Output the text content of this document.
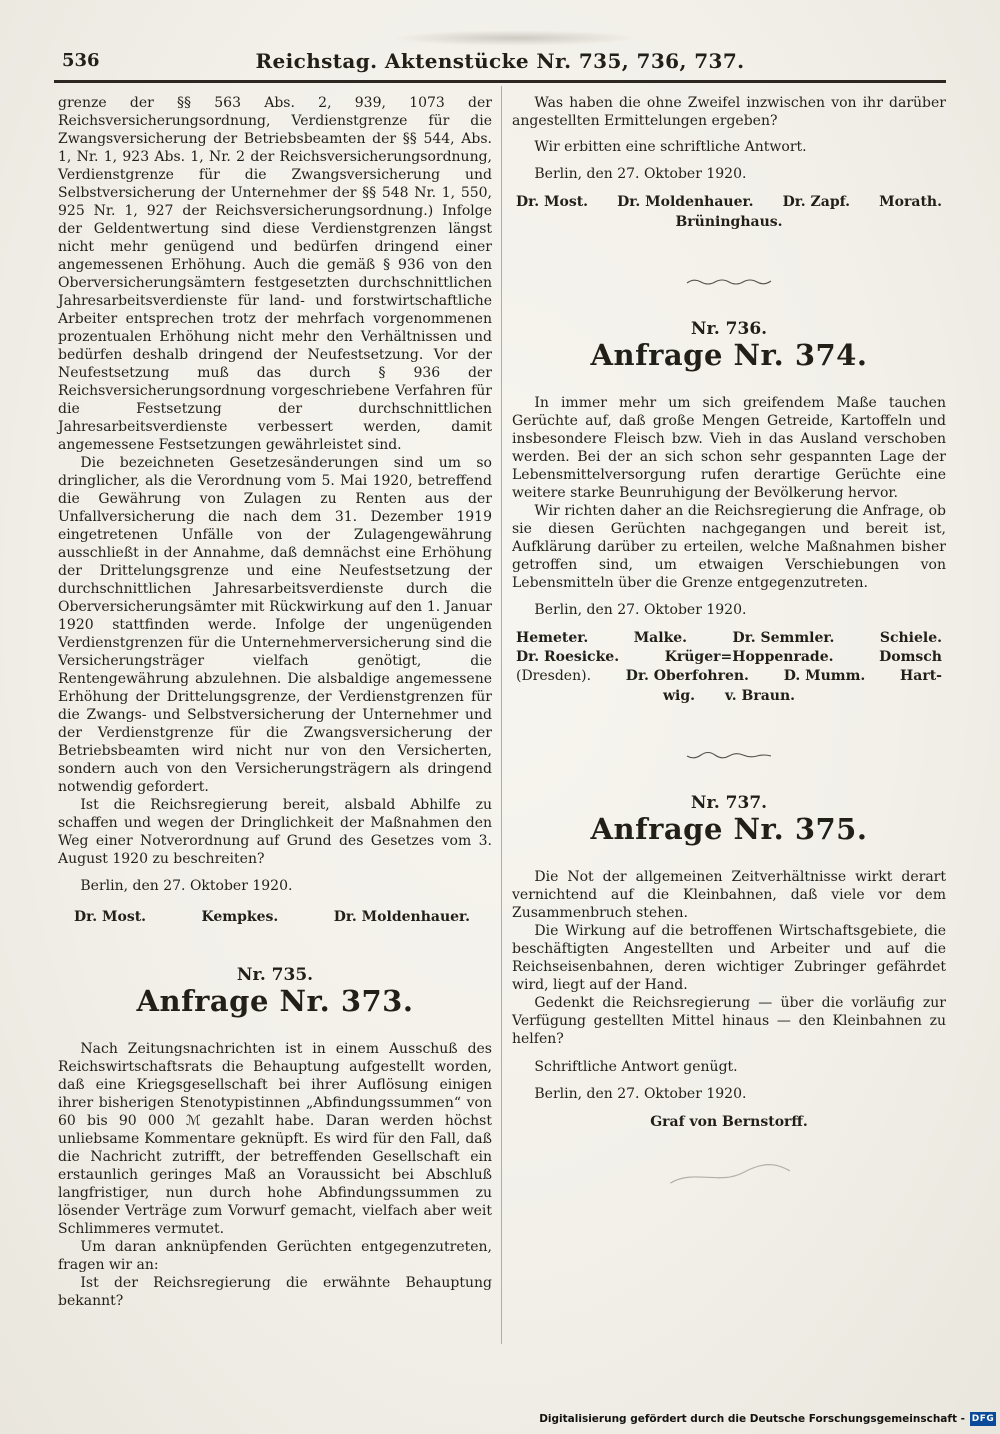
536	Reichstag. Aktenstücke Nr. 735, 736, 737.

grenze der §§ 563 Abs. 2, 939, 1073 der Reichsversicherungsordnung, Verdienstgrenze für die Zwangsversicherung der Betriebsbeamten der §§ 544, Abs. 1, Nr. 1, 923 Abs. 1, Nr. 2 der Reichsversicherungsordnung, Verdienstgrenze für die Zwangsversicherung und Selbstversicherung der Unternehmer der §§ 548 Nr. 1, 550, 925 Nr. 1, 927 der Reichsversicherungsordnung.) Infolge der Geldentwertung sind diese Verdienstgrenzen längst nicht mehr genügend und bedürfen dringend einer angemessenen Erhöhung. Auch die gemäß § 936 von den Oberversicherungsämtern festgesetzten durchschnittlichen Jahresarbeitsverdienste für land- und forstwirtschaftliche Arbeiter entsprechen trotz der mehrfach vorgenommenen prozentualen Erhöhung nicht mehr den Verhältnissen und bedürfen deshalb dringend der Neufestsetzung. Vor der Neufestsetzung muß das durch § 936 der Reichsversicherungsordnung vorgeschriebene Verfahren für die Festsetzung der durchschnittlichen Jahresarbeitsverdienste verbessert werden, damit angemessene Festsetzungen gewährleistet sind.

Die bezeichneten Gesetzesänderungen sind um so dringlicher, als die Verordnung vom 5. Mai 1920, betreffend die Gewährung von Zulagen zu Renten aus der Unfallversicherung die nach dem 31. Dezember 1919 eingetretenen Unfälle von der Zulagengewährung ausschließt in der Annahme, daß demnächst eine Erhöhung der Drittelungsgrenze und eine Neufestsetzung der durchschnittlichen Jahresarbeitsverdienste durch die Oberversicherungsämter mit Rückwirkung auf den 1. Januar 1920 stattfinden werde. Infolge der ungenügenden Verdienstgrenzen für die Unternehmerversicherung sind die Versicherungsträger vielfach genötigt, die Rentengewährung abzulehnen. Die alsbaldige angemessene Erhöhung der Drittelungsgrenze, der Verdienstgrenzen für die Zwangs- und Selbstversicherung der Unternehmer und der Verdienstgrenze für die Zwangsversicherung der Betriebsbeamten wird nicht nur von den Versicherten, sondern auch von den Versicherungsträgern als dringend notwendig gefordert.

Ist die Reichsregierung bereit, alsbald Abhilfe zu schaffen und wegen der Dringlichkeit der Maßnahmen den Weg einer Notverordnung auf Grund des Gesetzes vom 3. August 1920 zu beschreiten?

Berlin, den 27. Oktober 1920.

Dr. Most.	Kempkes.	Dr. Moldenhauer.
Nr. 735.
Anfrage Nr. 373.

Nach Zeitungsnachrichten ist in einem Ausschuß des Reichswirtschaftsrats die Behauptung aufgestellt worden, daß eine Kriegsgesellschaft bei ihrer Auflösung einigen ihrer bisherigen Stenotypistinnen „Abfindungssummen“ von 60 bis 90 000 ℳ gezahlt habe. Daran werden höchst unliebsame Kommentare geknüpft. Es wird für den Fall, daß die Nachricht zutrifft, der betreffenden Gesellschaft ein erstaunlich geringes Maß an Voraussicht bei Abschluß langfristiger, nun durch hohe Abfindungssummen zu lösender Verträge zum Vorwurf gemacht, vielfach aber weit Schlimmeres vermutet.

Um daran anknüpfenden Gerüchten entgegenzutreten, fragen wir an:

Ist der Reichsregierung die erwähnte Behauptung bekannt?

Was haben die ohne Zweifel inzwischen von ihr darüber angestellten Ermittelungen ergeben?

Wir erbitten eine schriftliche Antwort.

Berlin, den 27. Oktober 1920.

Dr. Most. Dr. Moldenhauer. Dr. Zapf. Morath.
Brüninghaus.
Nr. 736.
Anfrage Nr. 374.

In immer mehr um sich greifendem Maße tauchen Gerüchte auf, daß große Mengen Getreide, Kartoffeln und insbesondere Fleisch bzw. Vieh in das Ausland verschoben werden. Bei der an sich schon sehr gespannten Lage der Lebensmittelversorgung rufen derartige Gerüchte eine weitere starke Beunruhigung der Bevölkerung hervor.

Wir richten daher an die Reichsregierung die Anfrage, ob sie diesen Gerüchten nachgegangen und bereit ist, Aufklärung darüber zu erteilen, welche Maßnahmen bisher getroffen sind, um etwaigen Verschiebungen von Lebensmitteln über die Grenze entgegenzutreten.

Berlin, den 27. Oktober 1920.

Hemeter.	Malke.	Dr. Semmler.	Schiele.
Dr. Roesicke.	Krüger=Hoppenrade.	Domsch
(Dresden). Dr. Oberfohren. D. Mumm. Hart-
wig. v. Braun.
Nr. 737.
Anfrage Nr. 375.

Die Not der allgemeinen Zeitverhältnisse wirkt derart vernichtend auf die Kleinbahnen, daß viele vor dem Zusammenbruch stehen.

Die Wirkung auf die betroffenen Wirtschaftsgebiete, die beschäftigten Angestellten und Arbeiter und auf die Reichseisenbahnen, deren wichtiger Zubringer gefährdet wird, liegt auf der Hand.

Gedenkt die Reichsregierung — über die vorläufig zur Verfügung gestellten Mittel hinaus — den Kleinbahnen zu helfen?

Schriftliche Antwort genügt.

Berlin, den 27. Oktober 1920.

Graf von Bernstorff.
Digitalisierung gefördert durch die Deutsche Forschungsgemeinschaft - DFG
